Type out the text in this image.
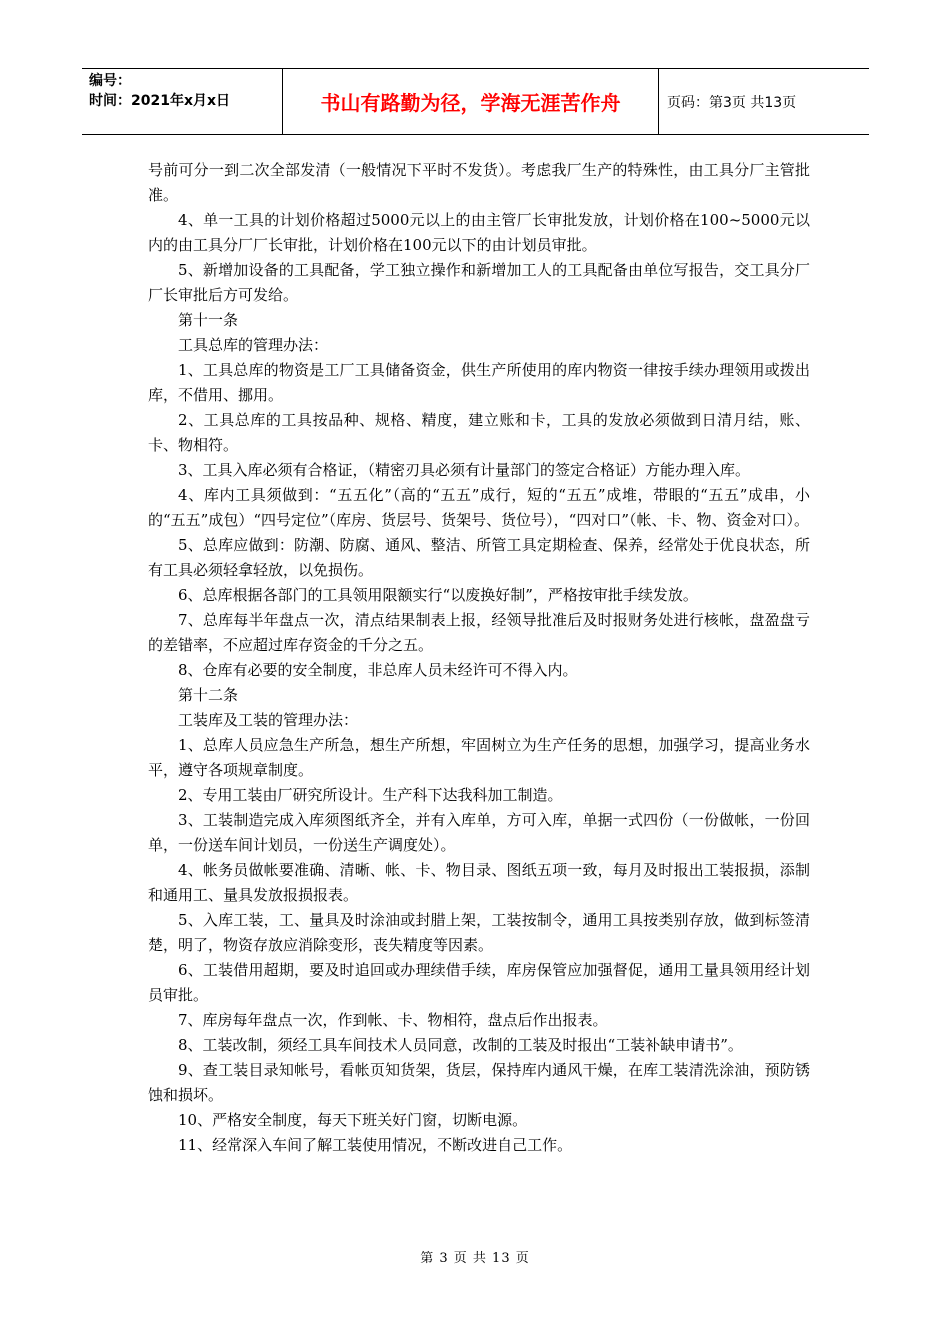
编号：
时间：2021年x月x日	书山有路勤为径，学海无涯苦作舟	页码：第3页 共13页

号前可分一到二次全部发清（一般情况下平时不发货）。考虑我厂生产的特殊性，由工具分厂主管批准。

4、单一工具的计划价格超过5000元以上的由主管厂长审批发放，计划价格在100~5000元以内的由工具分厂厂长审批，计划价格在100元以下的由计划员审批。

5、新增加设备的工具配备，学工独立操作和新增加工人的工具配备由单位写报告，交工具分厂厂长审批后方可发给。

第十一条

工具总库的管理办法：

1、工具总库的物资是工厂工具储备资金，供生产所使用的库内物资一律按手续办理领用或拨出库，不借用、挪用。

2、工具总库的工具按品种、规格、精度，建立账和卡，工具的发放必须做到日清月结，账、卡、物相符。

3、工具入库必须有合格证，（精密刃具必须有计量部门的签定合格证）方能办理入库。

4、库内工具须做到：“五五化”（高的“五五”成行，短的“五五”成堆，带眼的“五五”成串，小的“五五”成包）“四号定位”（库房、货层号、货架号、货位号），“四对口”（帐、卡、物、资金对口）。

5、总库应做到：防潮、防腐、通风、整洁、所管工具定期检查、保养，经常处于优良状态，所有工具必须轻拿轻放，以免损伤。

6、总库根据各部门的工具领用限额实行“以废换好制”，严格按审批手续发放。

7、总库每半年盘点一次，清点结果制表上报，经领导批准后及时报财务处进行核帐，盘盈盘亏的差错率，不应超过库存资金的千分之五。

8、仓库有必要的安全制度，非总库人员未经许可不得入内。

第十二条

工装库及工装的管理办法：

1、总库人员应急生产所急，想生产所想，牢固树立为生产任务的思想，加强学习，提高业务水平，遵守各项规章制度。

2、专用工装由厂研究所设计。生产科下达我科加工制造。

3、工装制造完成入库须图纸齐全，并有入库单，方可入库，单据一式四份（一份做帐，一份回单，一份送车间计划员，一份送生产调度处）。

4、帐务员做帐要准确、清晰、帐、卡、物目录、图纸五项一致，每月及时报出工装报损，添制和通用工、量具发放报损报表。

5、入库工装，工、量具及时涂油或封腊上架，工装按制令，通用工具按类别存放，做到标签清楚，明了，物资存放应消除变形，丧失精度等因素。

6、工装借用超期，要及时追回或办理续借手续，库房保管应加强督促，通用工量具领用经计划员审批。

7、库房每年盘点一次，作到帐、卡、物相符，盘点后作出报表。

8、工装改制，须经工具车间技术人员同意，改制的工装及时报出“工装补缺申请书”。

9、查工装目录知帐号，看帐页知货架，货层，保持库内通风干燥，在库工装清洗涂油，预防锈蚀和损坏。

10、严格安全制度，每天下班关好门窗，切断电源。

11、经常深入车间了解工装使用情况，不断改进自己工作。

第 3 页 共 13 页
